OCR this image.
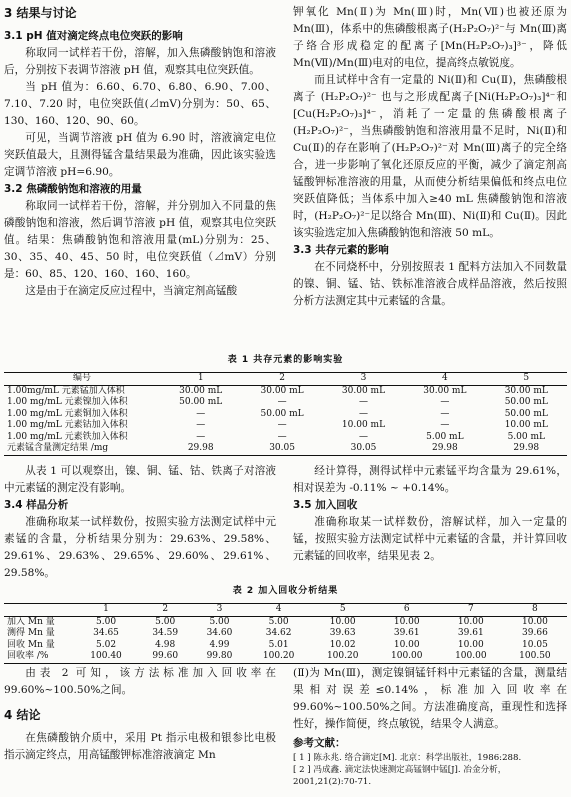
3 结果与讨论
3.1 pH 值对滴定终点电位突跃的影响

称取同一试样若干份，溶解，加入焦磷酸钠饱和溶液后，分别按下表调节溶液 pH 值，观察其电位突跃值。

当 pH 值为：6.60、6.70、6.80、6.90、7.00、7.10、7.20 时，电位突跃值(⊿mV)分别为：50、65、130、160、120、90、60。

可见，当调节溶液 pH 值为 6.90 时，溶液滴定电位突跃值最大，且测得锰含量结果最为准确，因此该实验选定调节溶液 pH=6.90。

3.2 焦磷酸钠饱和溶液的用量

称取同一试样若干份，溶解，并分别加入不同量的焦磷酸钠饱和溶液，然后调节溶液 pH 值，观察其电位突跃值。结果：焦磷酸钠饱和溶液用量(mL)分别为：25、30、35、40、45、50 时，电位突跃值（⊿mV）分别是：60、85、120、160、160、160。

这是由于在滴定反应过程中，当滴定剂高锰酸

钾氧化 Mn(Ⅱ)为 Mn(Ⅲ)时，Mn(Ⅶ)也被还原为 Mn(Ⅲ)，体系中的焦磷酸根离子(H₂P₂O₇)²⁻与 Mn(Ⅲ)离子络合形成稳定的配离子[Mn(H₂P₂O₇)₃]³⁻，降低 Mn(Ⅶ)/Mn(Ⅲ)电对的电位，提高终点敏锐度。

而且试样中含有一定量的 Ni(Ⅱ)和 Cu(Ⅱ)，焦磷酸根离子 (H₂P₂O₇)²⁻ 也与之形成配离子[Ni(H₂P₂O₇)₃]⁴⁻和[Cu(H₂P₂O₇)₃]⁴⁻，消耗了一定量的焦磷酸根离子(H₂P₂O₇)²⁻，当焦磷酸钠饱和溶液用量不足时，Ni(Ⅱ)和 Cu(Ⅱ)的存在影响了(H₂P₂O₇)²⁻对 Mn(Ⅲ)离子的完全络合，进一步影响了氧化还原反应的平衡，减少了滴定剂高锰酸钾标准溶液的用量，从而使分析结果偏低和终点电位突跃值降低；当体系中加入≥40 mL 焦磷酸钠饱和溶液时，(H₂P₂O₇)²⁻足以络合 Mn(Ⅲ)、Ni(Ⅱ)和 Cu(Ⅱ)。因此该实验选定加入焦磷酸钠饱和溶液 50 mL。

3.3 共存元素的影响

在不同烧杯中，分别按照表 1 配料方法加入不同数量的镍、铜、锰、钴、铁标准溶液合成样品溶液，然后按照分析方法测定其中元素锰的含量。

表 1 共存元素的影响实验
编号	1	2	3	4	5
1.00mg/mL 元素锰加入体积	30.00 mL	30.00 mL	30.00 mL	30.00 mL	30.00 mL
1.00 mg/mL 元素镍加入体积	50.00 mL	—	—	—	50.00 mL
1.00 mg/mL 元素铜加入体积	—	50.00 mL	—	—	50.00 mL
1.00 mg/mL 元素钴加入体积	—	—	10.00 mL	—	10.00 mL
1.00 mg/mL 元素铁加入体积	—	—	—	5.00 mL	5.00 mL
元素锰含量测定结果 /mg	29.98	30.05	30.05	29.98	29.98

从表 1 可以观察出，镍、铜、锰、钴、铁离子对溶液中元素锰的测定没有影响。

3.4 样品分析

准确称取某一试样数份，按照实验方法测定试样中元素锰的含量，分析结果分别为：29.63%、29.58%、29.61%、29.63%、29.65%、29.60%、29.61%、29.58%。

经计算得，测得试样中元素锰平均含量为 29.61%，相对误差为 -0.11% ~ +0.14%。

3.5 加入回收

准确称取某一试样数份，溶解试样，加入一定量的锰，按照实验方法测定试样中元素锰的含量，并计算回收元素锰的回收率，结果见表 2。

表 2 加入回收分析结果
	1	2	3	4	5	6	7	8
加入 Mn 量	5.00	5.00	5.00	5.00	10.00	10.00	10.00	10.00
测得 Mn 量	34.65	34.59	34.60	34.62	39.63	39.61	39.61	39.66
回收 Mn 量	5.02	4.98	4.99	5.01	10.02	10.00	10.00	10.05
回收率 /%	100.40	99.60	99.80	100.20	100.20	100.00	100.00	100.50

由表 2 可知，该方法标准加入回收率在 99.60%~100.50%之间。

4 结论

在焦磷酸钠介质中，采用 Pt 指示电极和银参比电极指示滴定终点，用高锰酸钾标准溶液滴定 Mn

(Ⅱ)为 Mn(Ⅲ)，测定镍铜锰钎料中元素锰的含量，测量结果相对误差≤0.14%，标准加入回收率在 99.60%~100.50%之间。方法准确度高，重现性和选择性好，操作简便，终点敏锐，结果令人满意。

参考文献：
[ 1 ] 陈永兆. 络合滴定[M]. 北京：科学出版社，1986:288.
[ 2 ] 冯成鑫. 滴定法快速测定高锰钢中锰[J]. 冶金分析，2001,21(2):70-71.
